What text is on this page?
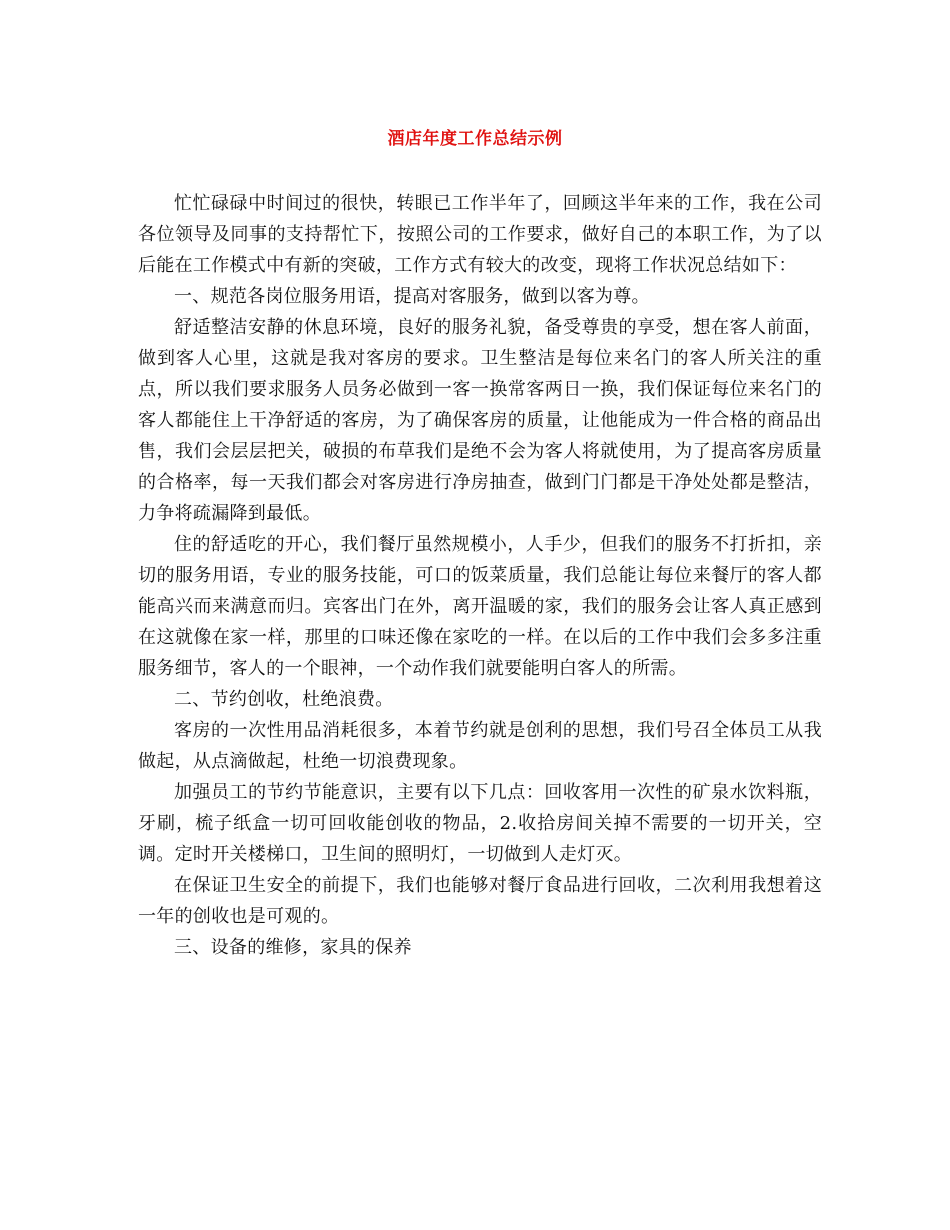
酒店年度工作总结示例

忙忙碌碌中时间过的很快，转眼已工作半年了，回顾这半年来的工作，我在公司各位领导及同事的支持帮忙下，按照公司的工作要求，做好自己的本职工作，为了以后能在工作模式中有新的突破，工作方式有较大的改变，现将工作状况总结如下：

一、规范各岗位服务用语，提高对客服务，做到以客为尊。

舒适整洁安静的休息环境，良好的服务礼貌，备受尊贵的享受，想在客人前面，做到客人心里，这就是我对客房的要求。卫生整洁是每位来名门的客人所关注的重点，所以我们要求服务人员务必做到一客一换常客两日一换，我们保证每位来名门的客人都能住上干净舒适的客房，为了确保客房的质量，让他能成为一件合格的商品出售，我们会层层把关，破损的布草我们是绝不会为客人将就使用，为了提高客房质量的合格率，每一天我们都会对客房进行净房抽查，做到门门都是干净处处都是整洁，力争将疏漏降到最低。

住的舒适吃的开心，我们餐厅虽然规模小，人手少，但我们的服务不打折扣，亲切的服务用语，专业的服务技能，可口的饭菜质量，我们总能让每位来餐厅的客人都能高兴而来满意而归。宾客出门在外，离开温暖的家，我们的服务会让客人真正感到在这就像在家一样，那里的口味还像在家吃的一样。在以后的工作中我们会多多注重服务细节，客人的一个眼神，一个动作我们就要能明白客人的所需。

二、节约创收，杜绝浪费。

客房的一次性用品消耗很多，本着节约就是创利的思想，我们号召全体员工从我做起，从点滴做起，杜绝一切浪费现象。

加强员工的节约节能意识，主要有以下几点：回收客用一次性的矿泉水饮料瓶，牙刷，梳子纸盒一切可回收能创收的物品，2.收拾房间关掉不需要的一切开关，空调。定时开关楼梯口，卫生间的照明灯，一切做到人走灯灭。

在保证卫生安全的前提下，我们也能够对餐厅食品进行回收，二次利用我想着这一年的创收也是可观的。

三、设备的维修，家具的保养
